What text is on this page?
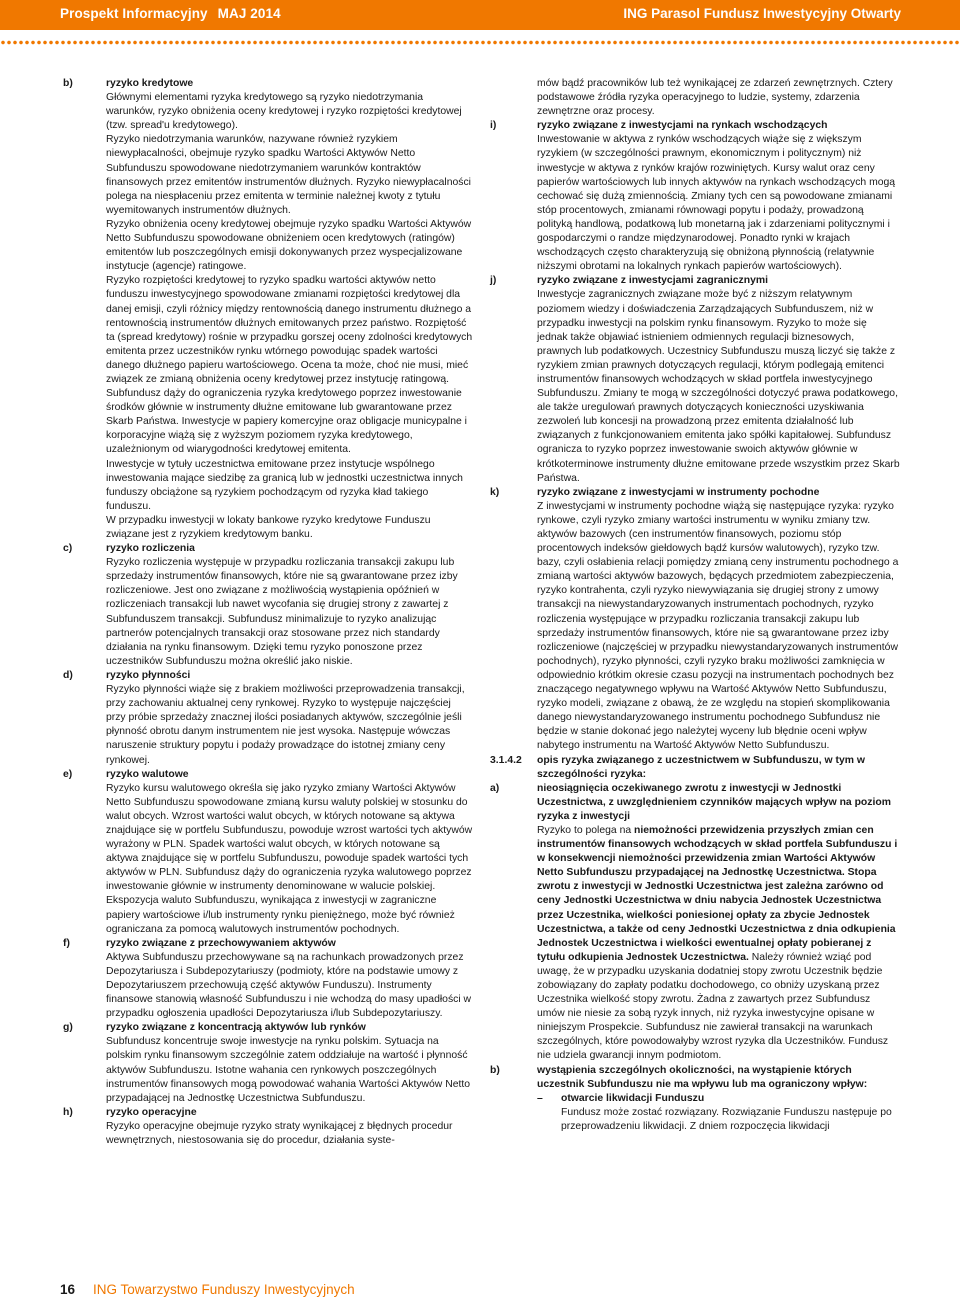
Prospekt Informacyjny MAJ 2014	ING Parasol Fundusz Inwestycyjny Otwarty
b)	ryzyko kredytowe

Głównymi elementami ryzyka kredytowego są ryzyko niedotrzymania warunków, ryzyko obniżenia oceny kredytowej i ryzyko rozpiętości kredytowej (tzw. spread'u kredytowego).

Ryzyko niedotrzymania warunków, nazywane również ryzykiem niewypłacalności, obejmuje ryzyko spadku Wartości Aktywów Netto Subfunduszu spowodowane niedotrzymaniem warunków kontraktów finansowych przez emitentów instrumentów dłużnych. Ryzyko niewypłacalności polega na niespłaceniu przez emitenta w terminie należnej kwoty z tytułu wyemitowanych instrumentów dłużnych.

Ryzyko obniżenia oceny kredytowej obejmuje ryzyko spadku Wartości Aktywów Netto Subfunduszu spowodowane obniżeniem ocen kredytowych (ratingów) emitentów lub poszczególnych emisji dokonywanych przez wyspecjalizowane instytucje (agencje) ratingowe.

Ryzyko rozpiętości kredytowej to ryzyko spadku wartości aktywów netto funduszu inwestycyjnego spowodowane zmianami rozpiętości kredytowej dla danej emisji, czyli różnicy między rentownością danego instrumentu dłużnego a rentownością instrumentów dłużnych emitowanych przez państwo. Rozpiętość ta (spread kredytowy) rośnie w przypadku gorszej oceny zdolności kredytowych emitenta przez uczestników rynku wtórnego powodując spadek wartości danego dłużnego papieru wartościowego. Ocena ta może, choć nie musi, mieć związek ze zmianą obniżenia oceny kredytowej przez instytucję ratingową.

Subfundusz dąży do ograniczenia ryzyka kredytowego poprzez inwestowanie środków głównie w instrumenty dłużne emitowane lub gwarantowane przez Skarb Państwa. Inwestycje w papiery komercyjne oraz obligacje municypalne i korporacyjne wiążą się z wyższym poziomem ryzyka kredytowego, uzależnionym od wiarygodności kredytowej emitenta.

Inwestycje w tytuły uczestnictwa emitowane przez instytucje wspólnego inwestowania mające siedzibę za granicą lub w jednostki uczestnictwa innych funduszy obciążone są ryzykiem pochodzącym od ryzyka kład takiego funduszu.

W przypadku inwestycji w lokaty bankowe ryzyko kredytowe Funduszu związane jest z ryzykiem kredytowym banku.

c)	ryzyko rozliczenia

Ryzyko rozliczenia występuje w przypadku rozliczania transakcji zakupu lub sprzedaży instrumentów finansowych, które nie są gwarantowane przez izby rozliczeniowe. Jest ono związane z możliwością wystąpienia opóźnień w rozliczeniach transakcji lub nawet wycofania się drugiej strony z zawartej z Subfunduszem transakcji. Subfundusz minimalizuje to ryzyko analizując partnerów potencjalnych transakcji oraz stosowane przez nich standardy działania na rynku finansowym. Dzięki temu ryzyko ponoszone przez uczestników Subfunduszu można określić jako niskie.

d)	ryzyko płynności

Ryzyko płynności wiąże się z brakiem możliwości przeprowadzenia transakcji, przy zachowaniu aktualnej ceny rynkowej. Ryzyko to występuje najczęściej przy próbie sprzedaży znacznej ilości posiadanych aktywów, szczególnie jeśli płynność obrotu danym instrumentem nie jest wysoka. Następuje wówczas naruszenie struktury popytu i podaży prowadzące do istotnej zmiany ceny rynkowej.

e)	ryzyko walutowe

Ryzyko kursu walutowego określa się jako ryzyko zmiany Wartości Aktywów Netto Subfunduszu spowodowane zmianą kursu waluty polskiej w stosunku do walut obcych. Wzrost wartości walut obcych, w których notowane są aktywa znajdujące się w portfelu Subfunduszu, powoduje wzrost wartości tych aktywów wyrażony w PLN. Spadek wartości walut obcych, w których notowane są aktywa znajdujące się w portfelu Subfunduszu, powoduje spadek wartości tych aktywów w PLN. Subfundusz dąży do ograniczenia ryzyka walutowego poprzez inwestowanie głównie w instrumenty denominowane w walucie polskiej. Ekspozycja waluto Subfunduszu, wynikająca z inwestycji w zagraniczne papiery wartościowe i/lub instrumenty rynku pieniężnego, może być również ograniczana za pomocą walutowych instrumentów pochodnych.

f)	ryzyko związane z przechowywaniem aktywów

Aktywa Subfunduszu przechowywane są na rachunkach prowadzonych przez Depozytariusza i Subdepozytariuszy (podmioty, które na podstawie umowy z Depozytariuszem przechowują część aktywów Funduszu). Instrumenty finansowe stanowią własność Subfunduszu i nie wchodzą do masy upadłości w przypadku ogłoszenia upadłości Depozytariusza i/lub Subdepozytariuszy.

g)	ryzyko związane z koncentracją aktywów lub rynków

Subfundusz koncentruje swoje inwestycje na rynku polskim. Sytuacja na polskim rynku finansowym szczególnie zatem oddziałuje na wartość i płynność aktywów Subfunduszu. Istotne wahania cen rynkowych poszczególnych instrumentów finansowych mogą powodować wahania Wartości Aktywów Netto przypadającej na Jednostkę Uczestnictwa Subfunduszu.

h)	ryzyko operacyjne

Ryzyko operacyjne obejmuje ryzyko straty wynikającej z błędnych procedur wewnętrznych, niestosowania się do procedur, działania syste-

mów bądź pracowników lub też wynikającej ze zdarzeń zewnętrznych. Cztery podstawowe źródła ryzyka operacyjnego to ludzie, systemy, zdarzenia zewnętrzne oraz procesy.

i)	ryzyko związane z inwestycjami na rynkach wschodzących

Inwestowanie w aktywa z rynków wschodzących wiąże się z większym ryzykiem (w szczególności prawnym, ekonomicznym i politycznym) niż inwestycje w aktywa z rynków krajów rozwiniętych. Kursy walut oraz ceny papierów wartościowych lub innych aktywów na rynkach wschodzących mogą cechować się dużą zmiennością. Zmiany tych cen są powodowane zmianami stóp procentowych, zmianami równowagi popytu i podaży, prowadzoną polityką handlową, podatkową lub monetarną jak i zdarzeniami politycznymi i gospodarczymi o randze międzynarodowej. Ponadto rynki w krajach wschodzących często charakteryzują się obniżoną płynnością (relatywnie niższymi obrotami na lokalnych rynkach papierów wartościowych).

j)	ryzyko związane z inwestycjami zagranicznymi

Inwestycje zagranicznych związane może być z niższym relatywnym poziomem wiedzy i doświadczenia Zarządzających Subfunduszem, niż w przypadku inwestycji na polskim rynku finansowym. Ryzyko to może się jednak także objawiać istnieniem odmiennych regulacji biznesowych, prawnych lub podatkowych. Uczestnicy Subfunduszu muszą liczyć się także z ryzykiem zmian prawnych dotyczących regulacji, którym podlegają emitenci instrumentów finansowych wchodzących w skład portfela inwestycyjnego Subfunduszu. Zmiany te mogą w szczególności dotyczyć prawa podatkowego, ale także uregulowań prawnych dotyczących konieczności uzyskiwania zezwoleń lub koncesji na prowadzoną przez emitenta działalność lub związanych z funkcjonowaniem emitenta jako spółki kapitałowej. Subfundusz ogranicza to ryzyko poprzez inwestowanie swoich aktywów głównie w krótkoterminowe instrumenty dłużne emitowane przede wszystkim przez Skarb Państwa.

k)	ryzyko związane z inwestycjami w instrumenty pochodne

Z inwestycjami w instrumenty pochodne wiążą się następujące ryzyka: ryzyko rynkowe, czyli ryzyko zmiany wartości instrumentu w wyniku zmiany tzw. aktywów bazowych (cen instrumentów finansowych, poziomu stóp procentowych indeksów giełdowych bądź kursów walutowych), ryzyko tzw. bazy, czyli osłabienia relacji pomiędzy zmianą ceny instrumentu pochodnego a zmianą wartości aktywów bazowych, będących przedmiotem zabezpieczenia, ryzyko kontrahenta, czyli ryzyko niewywiązania się drugiej strony z umowy transakcji na niewystandaryzowanych instrumentach pochodnych, ryzyko rozliczenia występujące w przypadku rozliczania transakcji zakupu lub sprzedaży instrumentów finansowych, które nie są gwarantowane przez izby rozliczeniowe (najczęściej w przypadku niewystandaryzowanych instrumentów pochodnych), ryzyko płynności, czyli ryzyko braku możliwości zamknięcia w odpowiednio krótkim okresie czasu pozycji na instrumentach pochodnych bez znaczącego negatywnego wpływu na Wartość Aktywów Netto Subfunduszu, ryzyko modeli, związane z obawą, że ze względu na stopień skomplikowania danego niewystandaryzowanego instrumentu pochodnego Subfundusz nie będzie w stanie dokonać jego należytej wyceny lub błędnie oceni wpływ nabytego instrumentu na Wartość Aktywów Netto Subfunduszu.

3.1.4.2	opis ryzyka związanego z uczestnictwem w Subfunduszu, w tym w szczególności ryzyka:
a)	nieosiągnięcia oczekiwanego zwrotu z inwestycji w Jednostki Uczestnictwa, z uwzględnieniem czynników mających wpływ na poziom ryzyka z inwestycji

Ryzyko to polega na niemożności przewidzenia przyszłych zmian cen instrumentów finansowych wchodzących w skład portfela Subfunduszu i w konsekwencji niemożności przewidzenia zmian Wartości Aktywów Netto Subfunduszu przypadającej na Jednostkę Uczestnictwa. Stopa zwrotu z inwestycji w Jednostki Uczestnictwa jest zależna zarówno od ceny Jednostki Uczestnictwa w dniu nabycia Jednostek Uczestnictwa przez Uczestnika, wielkości poniesionej opłaty za zbycie Jednostek Uczestnictwa, a także od ceny Jednostki Uczestnictwa z dnia odkupienia Jednostek Uczestnictwa i wielkości ewentualnej opłaty pobieranej z tytułu odkupienia Jednostek Uczestnictwa. Należy również wziąć pod uwagę, że w przypadku uzyskania dodatniej stopy zwrotu Uczestnik będzie zobowiązany do zapłaty podatku dochodowego, co obniży uzyskaną przez Uczestnika wielkość stopy zwrotu. Żadna z zawartych przez Subfundusz umów nie niesie za sobą ryzyk innych, niż ryzyka inwestycyjne opisane w niniejszym Prospekcie. Subfundusz nie zawierał transakcji na warunkach szczególnych, które powodowałyby wzrost ryzyka dla Uczestników. Fundusz nie udziela gwarancji innym podmiotom.

b)	wystąpienia szczególnych okoliczności, na wystąpienie których uczestnik Subfunduszu nie ma wpływu lub ma ograniczony wpływ:
–	otwarcie likwidacji Funduszu

Fundusz może zostać rozwiązany. Rozwiązanie Funduszu następuje po przeprowadzeniu likwidacji. Z dniem rozpoczęcia likwidacji

16 ING Towarzystwo Funduszy Inwestycyjnych
